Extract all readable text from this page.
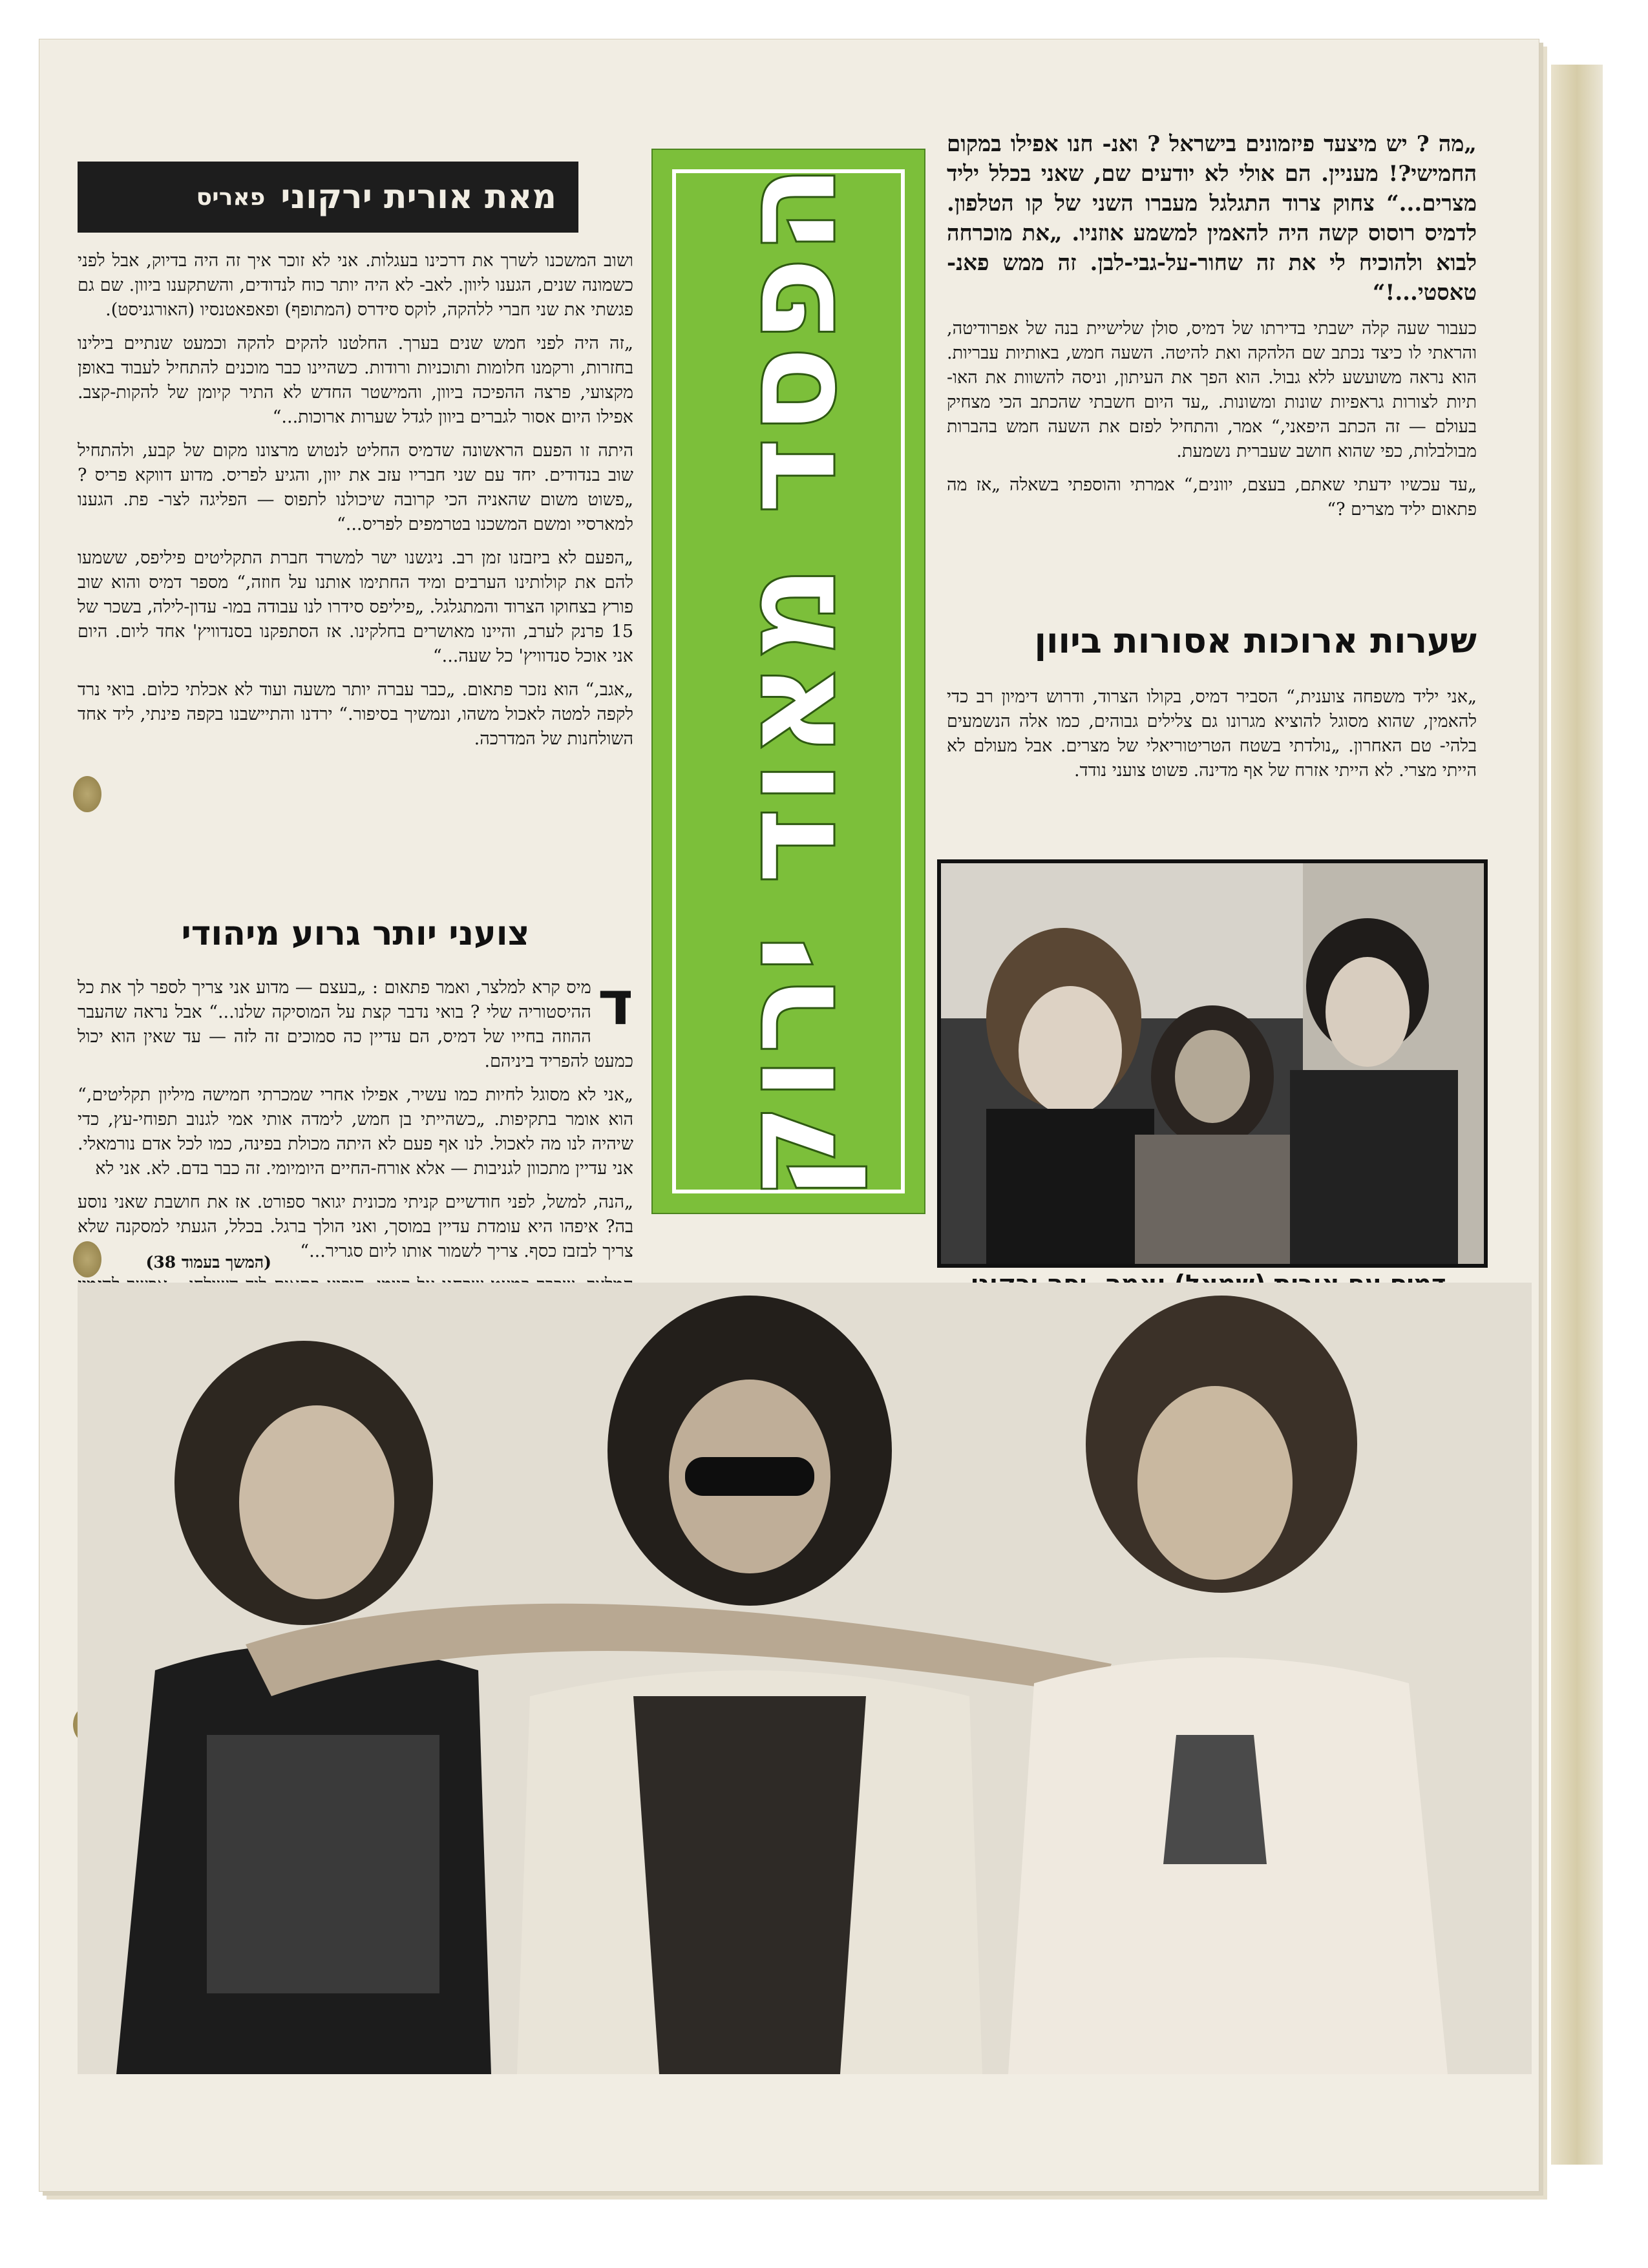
מאת אורית ירקוני
פאריס	הפסד מאוד ירוק

ושוב המשכנו לשרך את דרכינו בעגלות. אני לא זוכר איך זה היה בדיוק, אבל לפני כשמונה שנים, הגענו ליוון. לאב- לא היה יותר כוח לנדודים, והשתקענו ביוון. שם גם פגשתי את שני חברי ללהקה, לוקס סידרס (המתופף) ופאפאטנסיו (האורגניסט).

„זה היה לפני חמש שנים בערך. החלטנו להקים להקה וכמעט שנתיים בילינו בחזרות, ורקמנו חלומות ותוכניות ורודות. כשהיינו כבר מוכנים להתחיל לעבוד באופן מקצועי, פרצה ההפיכה ביוון, והמישטר החדש לא התיר קיומן של להקות-קצב. אפילו היום אסור לגברים ביוון לגדל שערות ארוכות...“

היתה זו הפעם הראשונה שדמיס החליט לנטוש מרצונו מקום של קבע, ולהתחיל שוב בנדודים. יחד עם שני חבריו עזב את יוון, והגיע לפריס. מדוע דווקא פריס ? „פשוט משום שהאניה הכי קרובה שיכולנו לתפוס — הפליגה לצר- פת. הגענו למארסיי ומשם המשכנו בטרמפים לפריס...“

„הפעם לא ביזבזנו זמן רב. ניגשנו ישר למשרד חברת התקליטים פיליפס, ששמעו להם את קולותינו הערבים ומיד החתימו אותנו על חוזה,“ מספר דמיס והוא שוב פורץ בצחוקו הצרוד והמתגלגל. „פיליפס סידרו לנו עבודה במו- עדון-לילה, בשכר של 15 פרנק לערב, והיינו מאושרים בחלקינו. אז הסתפקנו בסנדוויץ' אחד ליום. היום אני אוכל סנדוויץ' כל שעה...“

„אגב,“ הוא נזכר פתאום. „כבר עברה יותר משעה ועוד לא אכלתי כלום. בואי נרד לקפה למטה לאכול משהו, ונמשיך בסיפור.“ ירדנו והתיישבנו בקפה פינתי, ליד אחד השולחנות של המדרכה.

צועני יותר גרוע מיהודי

ד
מיס קרא למלצר, ואמר פתאום : „בעצם — מדוע אני צריך לספר לך את כל ההיסטוריה שלי ? בואי נדבר קצת על המוסיקה שלנו...“ אבל נראה שהעבר ההוזה בחייו של דמיס, הם עדיין כה סמוכים זה לזה — עד שאין הוא יכול כמעט להפריד ביניהם.

„אני לא מסוגל לחיות כמו עשיר, אפילו אחרי שמכרתי חמישה מיליון תקליטים,“ הוא אומר בתקיפות. „כשהייתי בן חמש, לימדה אותי אמי לגנוב תפוחי-עץ, כדי שיהיה לנו מה לאכול. לנו אף פעם לא היתה מכולת בפינה, כמו לכל אדם נורמאלי. אני עדיין מתכוון לגניבות — אלא אורח-החיים היומיומי. זה כבר בדם. לא. אני לא

„הנה, למשל, לפני חודשיים קניתי מכונית יגואר ספורט. אז את חושבת שאני נוסע בה? איפהו היא עומדת עדיין במוסך, ואני הולך ברגל. בכלל, הגעתי למסקנה שלא צריך לבזבז כסף. צריך לשמור אותו ליום סגריר...“

(המשך בעמוד 38)

„מה ? יש מיצעד פיזמונים בישראל ? ואנ- חנו אפילו במקום החמישי?! מעניין. הם אולי לא יודעים שם, שאני בכלל יליד מצרים...“ צחוק צרוד התגלגל מעברו השני של קו הטלפון. לדמיס רוסוס קשה היה להאמין למשמע אוזניו. „את מוכרחה לבוא ולהוכיח לי את זה שחור-על-גבי-לבן. זה ממש פאנ- טאסטי...!“

כעבור שעה קלה ישבתי בדירתו של דמיס, סולן שלישיית בנה של אפרודיטה, והראתי לו כיצד נכתב שם הלהקה ואת להיטה. השעה חמש, באותיות עבריות. הוא נראה משועשע ללא גבול. הוא הפך את העיתון, וניסה להשוות את האו- תיות לצורות גראפיות שונות ומשונות. „עד היום חשבתי שהכתב הכי מצחיק בעולם — זה הכתב היפאני,“ אמר, והתחיל לפזם את השעה חמש בהברות מבולבלות, כפי שהוא חושב שעברית נשמעת.

„עד עכשיו ידעתי שאתם, בעצם, יוונים,“ אמרתי והוספתי בשאלה „אז מה פתאום יליד מצרים ?“

שערות ארוכות אסורות ביוון

„אני יליד משפחה צוענית,“ הסביר דמיס, בקולו הצרוד, ודרוש דימיון רב כדי להאמין, שהוא מסוגל להוציא מגרונו גם צלילים גבוהים, כמו אלה הנשמעים בלהי- טם האחרון. „נולדתי בשטח הטריטוריאלי של מצרים. אבל מעולם לא הייתי מצרי. לא הייתי אזרח של אף מדינה. פשוט צועני נודד.
